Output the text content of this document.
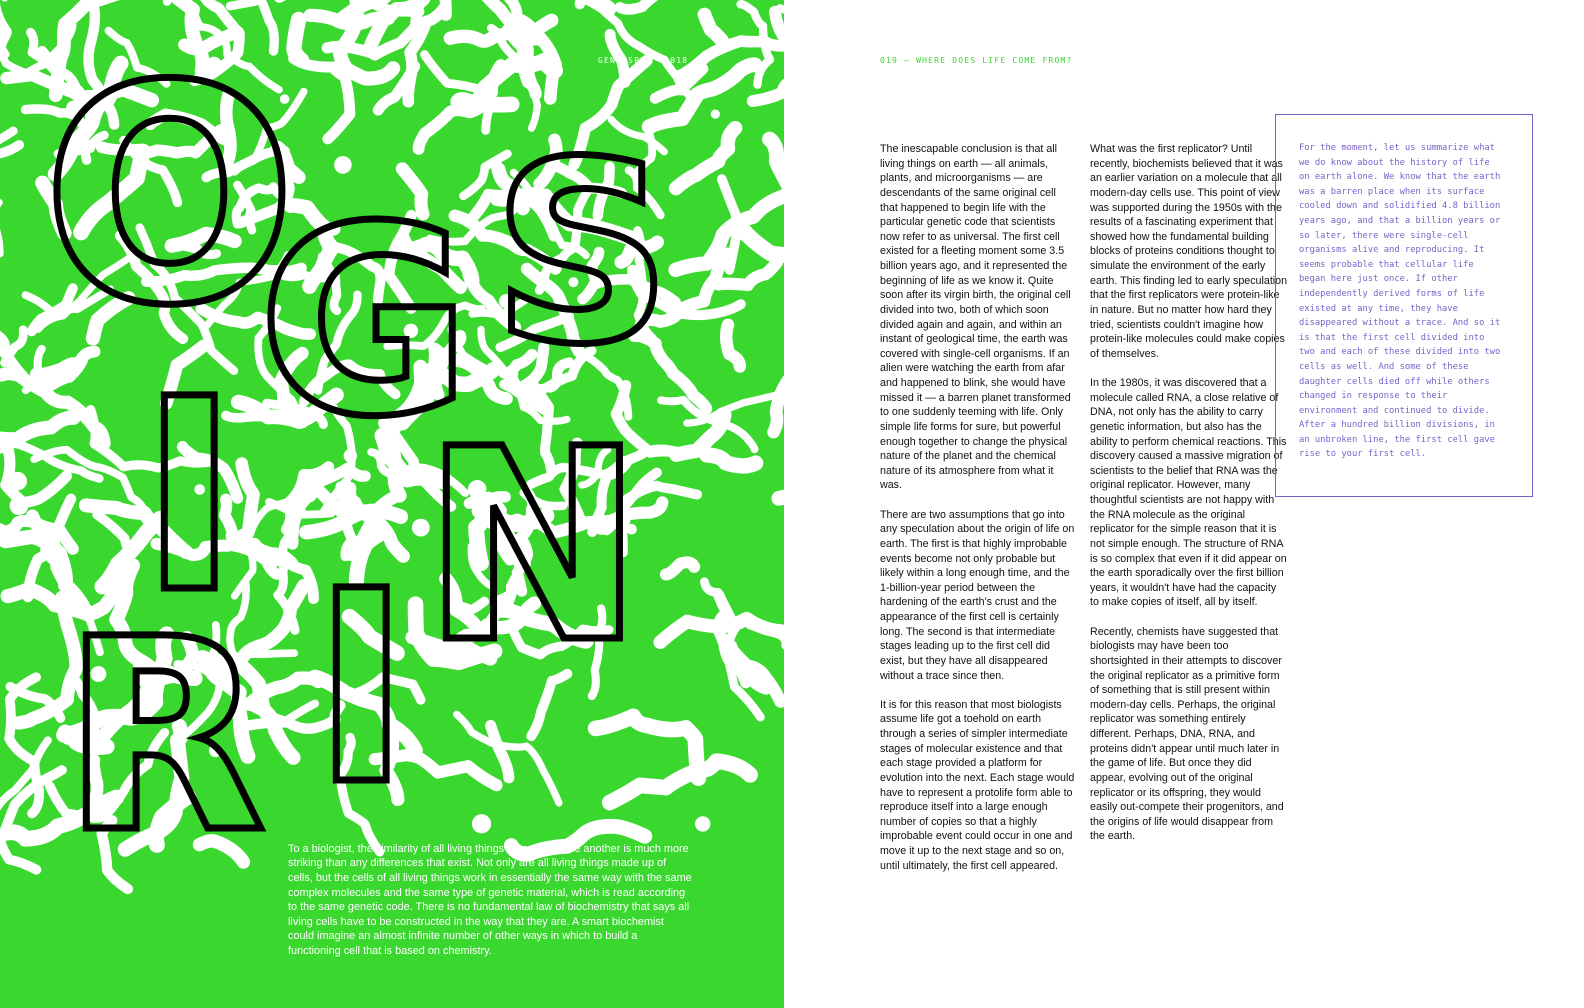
O
G S
I N
R I
GENE SPEW — 018

To a biologist, the similarity of all living things on earth to one another is much more striking than any differences that exist. Not only are all living things made up of cells, but the cells of all living things work in essentially the same way with the same complex molecules and the same type of genetic material, which is read according to the same genetic code. There is no fundamental law of biochemistry that says all living cells have to be constructed in the way that they are. A smart biochemist could imagine an almost infinite number of other ways in which to build a functioning cell that is based on chemistry.

019 — WHERE DOES LIFE COME FROM?

The inescapable conclusion is that all living things on earth — all animals, plants, and microorganisms — are descendants of the same original cell that happened to begin life with the particular genetic code that scientists now refer to as universal. The first cell existed for a fleeting moment some 3.5 billion years ago, and it represented the beginning of life as we know it. Quite soon after its virgin birth, the original cell divided into two, both of which soon divided again and again, and within an instant of geological time, the earth was covered with single-cell organisms. If an alien were watching the earth from afar and happened to blink, she would have missed it — a barren planet transformed to one suddenly teeming with life. Only simple life forms for sure, but powerful enough together to change the physical nature of the planet and the chemical nature of its atmosphere from what it was.

There are two assumptions that go into any speculation about the origin of life on earth. The first is that highly improbable events become not only probable but likely within a long enough time, and the 1-billion-year period between the hardening of the earth's crust and the appearance of the first cell is certainly long. The second is that intermediate stages leading up to the first cell did exist, but they have all disappeared without a trace since then.

It is for this reason that most biologists assume life got a toehold on earth through a series of simpler intermediate stages of molecular existence and that each stage provided a platform for evolution into the next. Each stage would have to represent a protolife form able to reproduce itself into a large enough number of copies so that a highly improbable event could occur in one and move it up to the next stage and so on, until ultimately, the first cell appeared.

What was the first replicator? Until recently, biochemists believed that it was an earlier variation on a molecule that all modern-day cells use. This point of view was supported during the 1950s with the results of a fascinating experiment that showed how the fundamental building blocks of proteins conditions thought to simulate the environment of the early earth. This finding led to early speculation that the first replicators were protein-like in nature. But no matter how hard they tried, scientists couldn't imagine how protein-like molecules could make copies of themselves.

In the 1980s, it was discovered that a molecule called RNA, a close relative of DNA, not only has the ability to carry genetic information, but also has the ability to perform chemical reactions. This discovery caused a massive migration of scientists to the belief that RNA was the original replicator. However, many thoughtful scientists are not happy with the RNA molecule as the original replicator for the simple reason that it is not simple enough. The structure of RNA is so complex that even if it did appear on the earth sporadically over the first billion years, it wouldn't have had the capacity to make copies of itself, all by itself.

Recently, chemists have suggested that biologists may have been too shortsighted in their attempts to discover the original replicator as a primitive form of something that is still present within modern-day cells. Perhaps, the original replicator was something entirely different. Perhaps, DNA, RNA, and proteins didn't appear until much later in the game of life. But once they did appear, evolving out of the original replicator or its offspring, they would easily out-compete their progenitors, and the origins of life would disappear from the earth.

For the moment, let us summarize what we do know about the history of life on earth alone. We know that the earth was a barren place when its surface cooled down and solidified 4.8 billion years ago, and that a billion years or so later, there were single-cell organisms alive and reproducing. It seems probable that cellular life began here just once. If other independently derived forms of life existed at any time, they have disappeared without a trace. And so it is that the first cell divided into two and each of these divided into two cells as well. And some of these daughter cells died off while others changed in response to their environment and continued to divide. After a hundred billion divisions, in an unbroken line, the first cell gave rise to your first cell.
